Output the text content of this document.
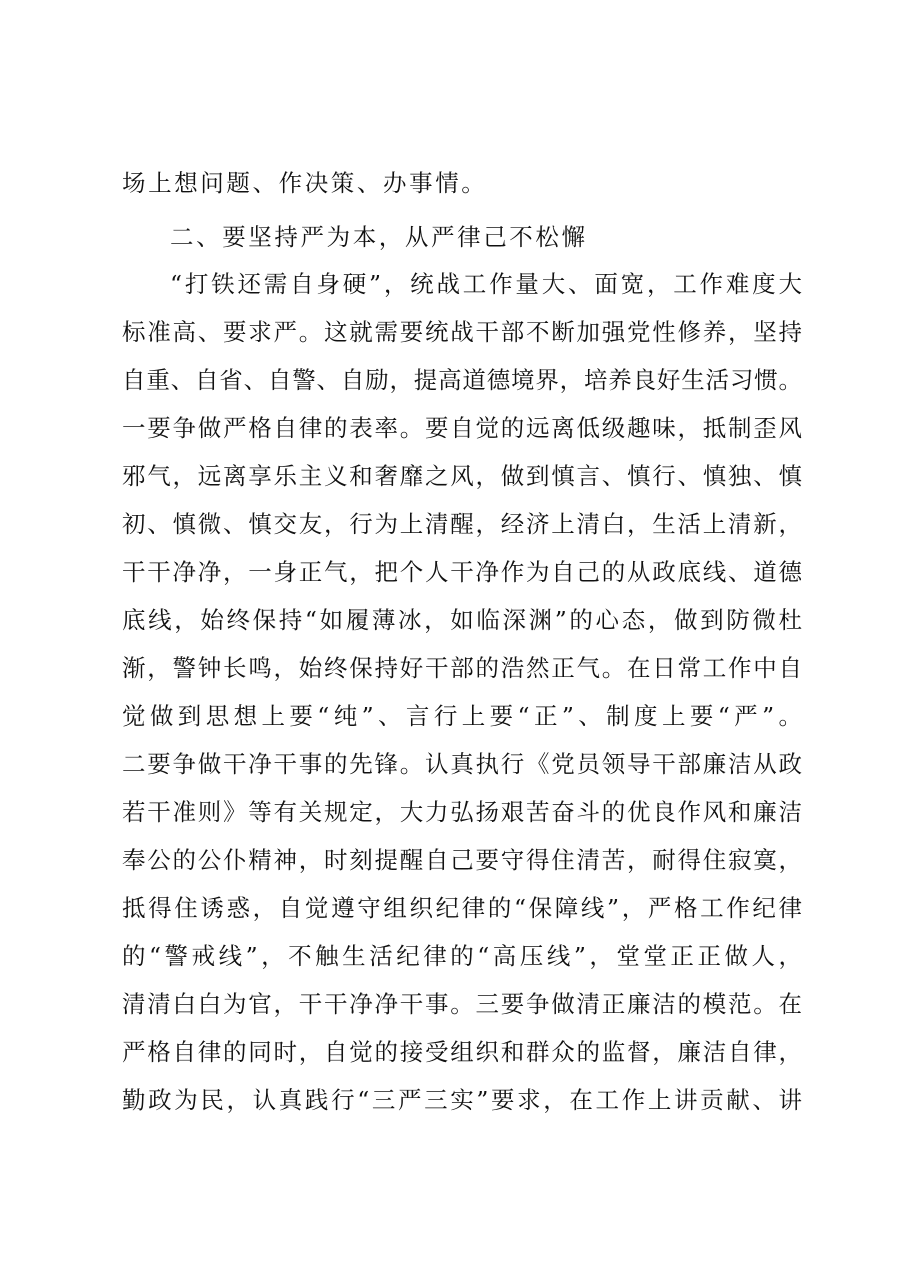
场上想问题、作决策、办事情。
二、要坚持严为本，从严律己不松懈
“打铁还需自身硬”，统战工作量大、面宽，工作难度大
标准高、要求严。这就需要统战干部不断加强党性修养，坚持
自重、自省、自警、自励，提高道德境界，培养良好生活习惯。
一要争做严格自律的表率。要自觉的远离低级趣味，抵制歪风
邪气，远离享乐主义和奢靡之风，做到慎言、慎行、慎独、慎
初、慎微、慎交友，行为上清醒，经济上清白，生活上清新，
干干净净，一身正气，把个人干净作为自己的从政底线、道德
底线，始终保持“如履薄冰，如临深渊”的心态，做到防微杜
渐，警钟长鸣，始终保持好干部的浩然正气。在日常工作中自
觉做到思想上要“纯”、言行上要“正”、制度上要“严”。
二要争做干净干事的先锋。认真执行《党员领导干部廉洁从政
若干准则》等有关规定，大力弘扬艰苦奋斗的优良作风和廉洁
奉公的公仆精神，时刻提醒自己要守得住清苦，耐得住寂寞，
抵得住诱惑，自觉遵守组织纪律的“保障线”，严格工作纪律
的“警戒线”，不触生活纪律的“高压线”，堂堂正正做人，
清清白白为官，干干净净干事。三要争做清正廉洁的模范。在
严格自律的同时，自觉的接受组织和群众的监督，廉洁自律，
勤政为民，认真践行“三严三实”要求，在工作上讲贡献、讲
